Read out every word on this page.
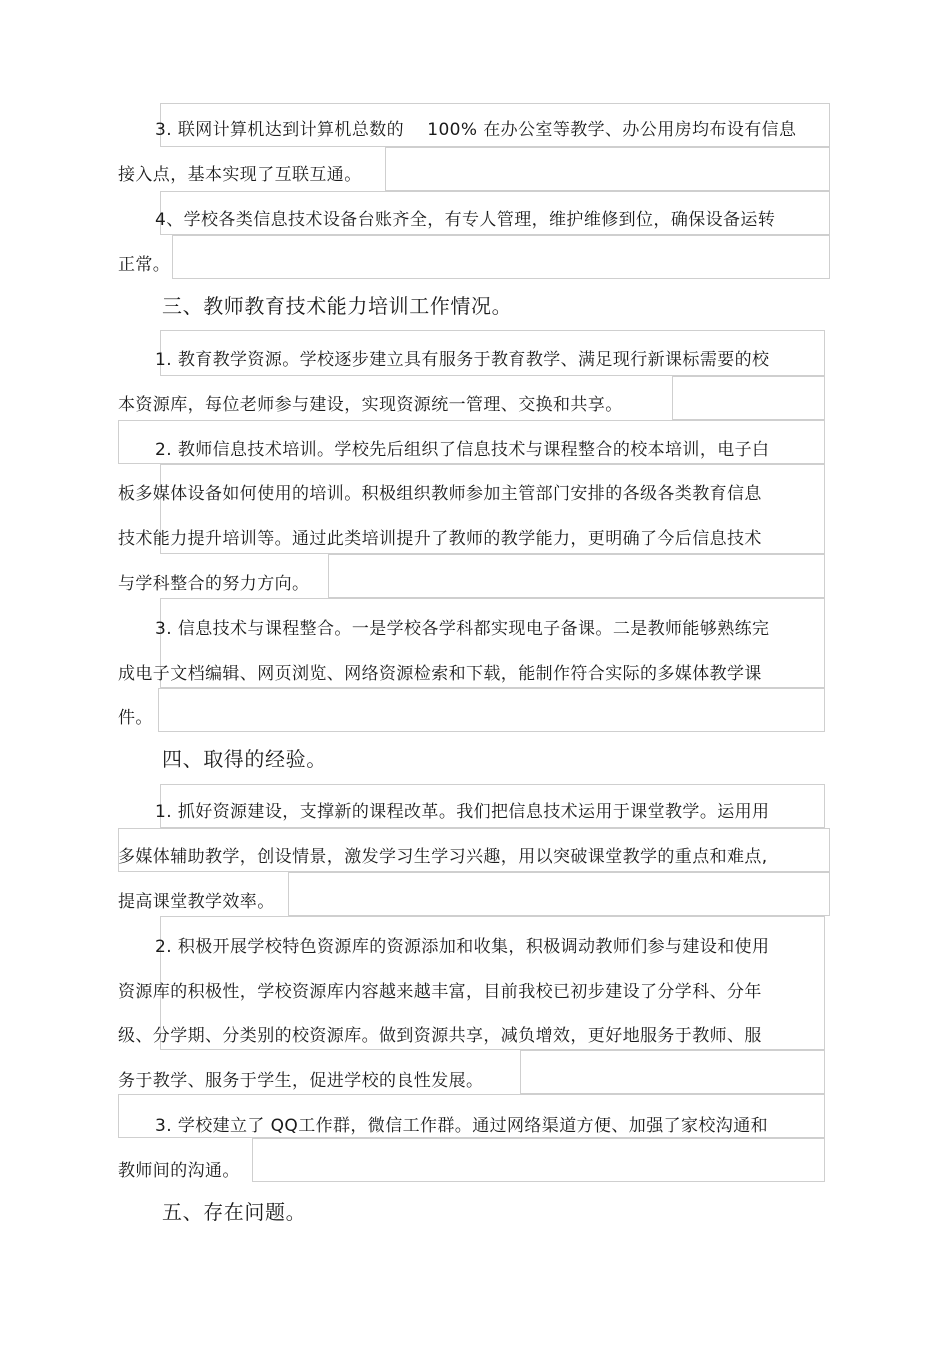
3. 联网计算机达到计算机总数的　 100% 在办公室等教学、办公用房均布设有信息
接入点，基本实现了互联互通。
4、学校各类信息技术设备台账齐全，有专人管理，维护维修到位，确保设备运转
正常。
三、教师教育技术能力培训工作情况。
1. 教育教学资源。学校逐步建立具有服务于教育教学、满足现行新课标需要的校
本资源库，每位老师参与建设，实现资源统一管理、交换和共享。
2. 教师信息技术培训。学校先后组织了信息技术与课程整合的校本培训，电子白
板多媒体设备如何使用的培训。积极组织教师参加主管部门安排的各级各类教育信息
技术能力提升培训等。通过此类培训提升了教师的教学能力，更明确了今后信息技术
与学科整合的努力方向。
3. 信息技术与课程整合。一是学校各学科都实现电子备课。二是教师能够熟练完
成电子文档编辑、网页浏览、网络资源检索和下载，能制作符合实际的多媒体教学课
件。
四、取得的经验。
1. 抓好资源建设，支撑新的课程改革。我们把信息技术运用于课堂教学。运用用
多媒体辅助教学，创设情景，激发学习生学习兴趣，用以突破课堂教学的重点和难点,
提高课堂教学效率。
2. 积极开展学校特色资源库的资源添加和收集，积极调动教师们参与建设和使用
资源库的积极性，学校资源库内容越来越丰富，目前我校已初步建设了分学科、分年
级、分学期、分类别的校资源库。做到资源共享，减负增效，更好地服务于教师、服
务于教学、服务于学生，促进学校的良性发展。
3. 学校建立了 QQ工作群，微信工作群。通过网络渠道方便、加强了家校沟通和
教师间的沟通。
五、存在问题。
